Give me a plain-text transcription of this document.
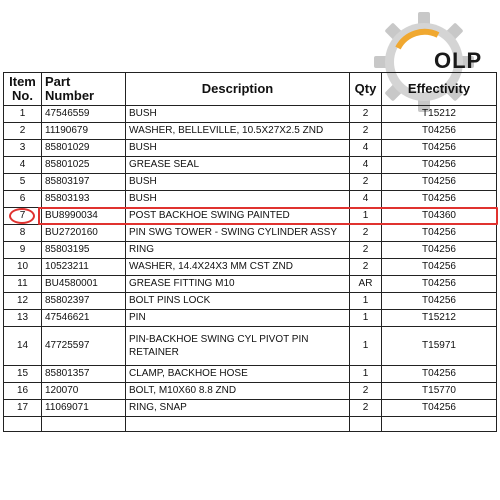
OLP
Item No.	Part Number	Description	Qty	Effectivity
1	47546559	BUSH	2	T15212
2	11190679	WASHER, BELLEVILLE, 10.5X27X2.5 ZND	2	T04256
3	85801029	BUSH	4	T04256
4	85801025	GREASE SEAL	4	T04256
5	85803197	BUSH	2	T04256
6	85803193	BUSH	4	T04256
7	BU8990034	POST BACKHOE SWING PAINTED	1	T04360
8	BU2720160	PIN SWG TOWER - SWING CYLINDER ASSY	2	T04256
9	85803195	RING	2	T04256
10	10523211	WASHER, 14.4X24X3 MM CST ZND	2	T04256
11	BU4580001	GREASE FITTING M10	AR	T04256
12	85802397	BOLT PINS LOCK	1	T04256
13	47546621	PIN	1	T15212
14	47725597	PIN-BACKHOE SWING CYL PIVOT PIN RETAINER	1	T15971
15	85801357	CLAMP, BACKHOE HOSE	1	T04256
16	120070	BOLT, M10X60 8.8 ZND	2	T15770
17	11069071	RING, SNAP	2	T04256
